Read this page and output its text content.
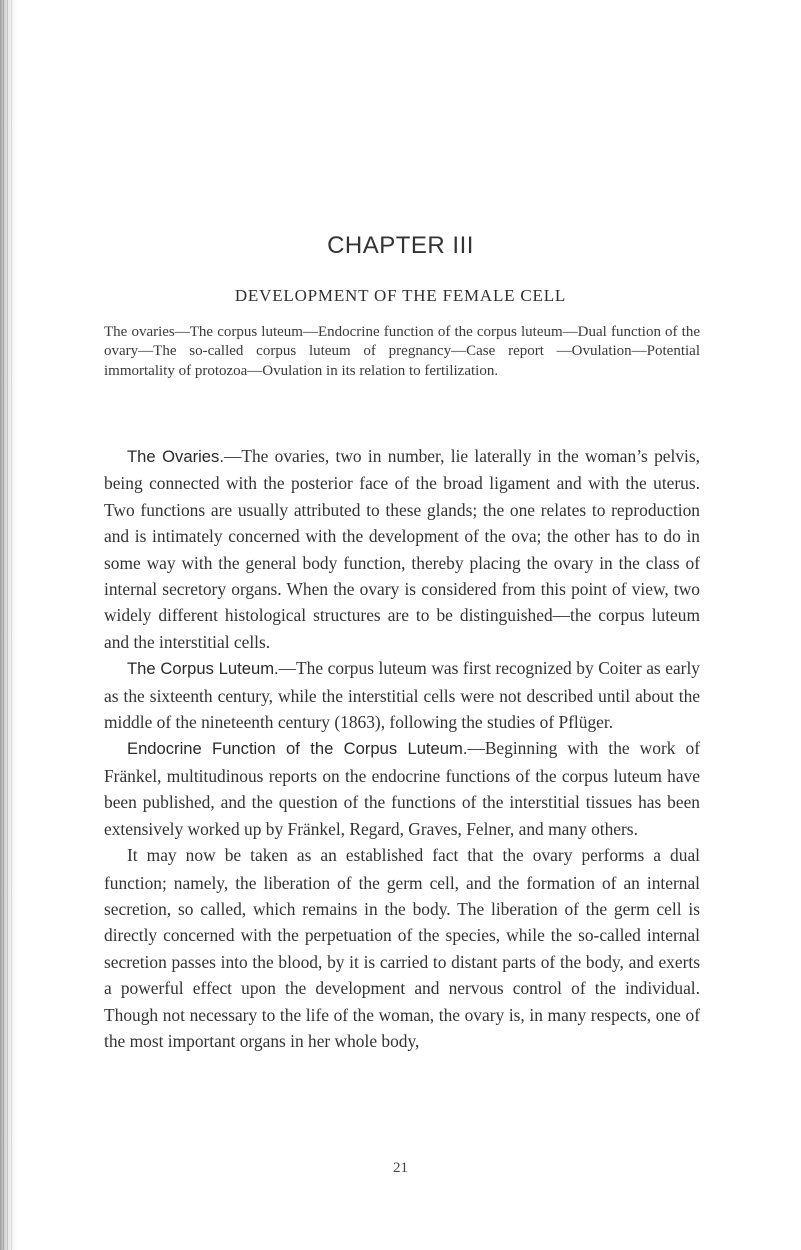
CHAPTER III
DEVELOPMENT OF THE FEMALE CELL
The ovaries—The corpus luteum—Endocrine function of the corpus luteum—Dual function of the ovary—The so-called corpus luteum of pregnancy—Case report —Ovulation—Potential immortality of protozoa—Ovulation in its relation to fertilization.

The Ovaries.—The ovaries, two in number, lie laterally in the woman’s pelvis, being connected with the posterior face of the broad ligament and with the uterus. Two functions are usually attributed to these glands; the one relates to reproduction and is intimately concerned with the development of the ova; the other has to do in some way with the general body function, thereby placing the ovary in the class of internal secretory organs. When the ovary is considered from this point of view, two widely different histological structures are to be distinguished—the corpus luteum and the interstitial cells.

The Corpus Luteum.—The corpus luteum was first recognized by Coiter as early as the sixteenth century, while the interstitial cells were not described until about the middle of the nineteenth century (1863), following the studies of Pflüger.

Endocrine Function of the Corpus Luteum.—Beginning with the work of Fränkel, multitudinous reports on the endocrine functions of the corpus luteum have been published, and the question of the functions of the interstitial tissues has been extensively worked up by Fränkel, Regard, Graves, Felner, and many others.

It may now be taken as an established fact that the ovary performs a dual function; namely, the liberation of the germ cell, and the formation of an internal secretion, so called, which remains in the body. The liberation of the germ cell is directly concerned with the perpetuation of the species, while the so-called internal secretion passes into the blood, by it is carried to distant parts of the body, and exerts a powerful effect upon the development and nervous control of the individual. Though not necessary to the life of the woman, the ovary is, in many respects, one of the most important organs in her whole body,

21
